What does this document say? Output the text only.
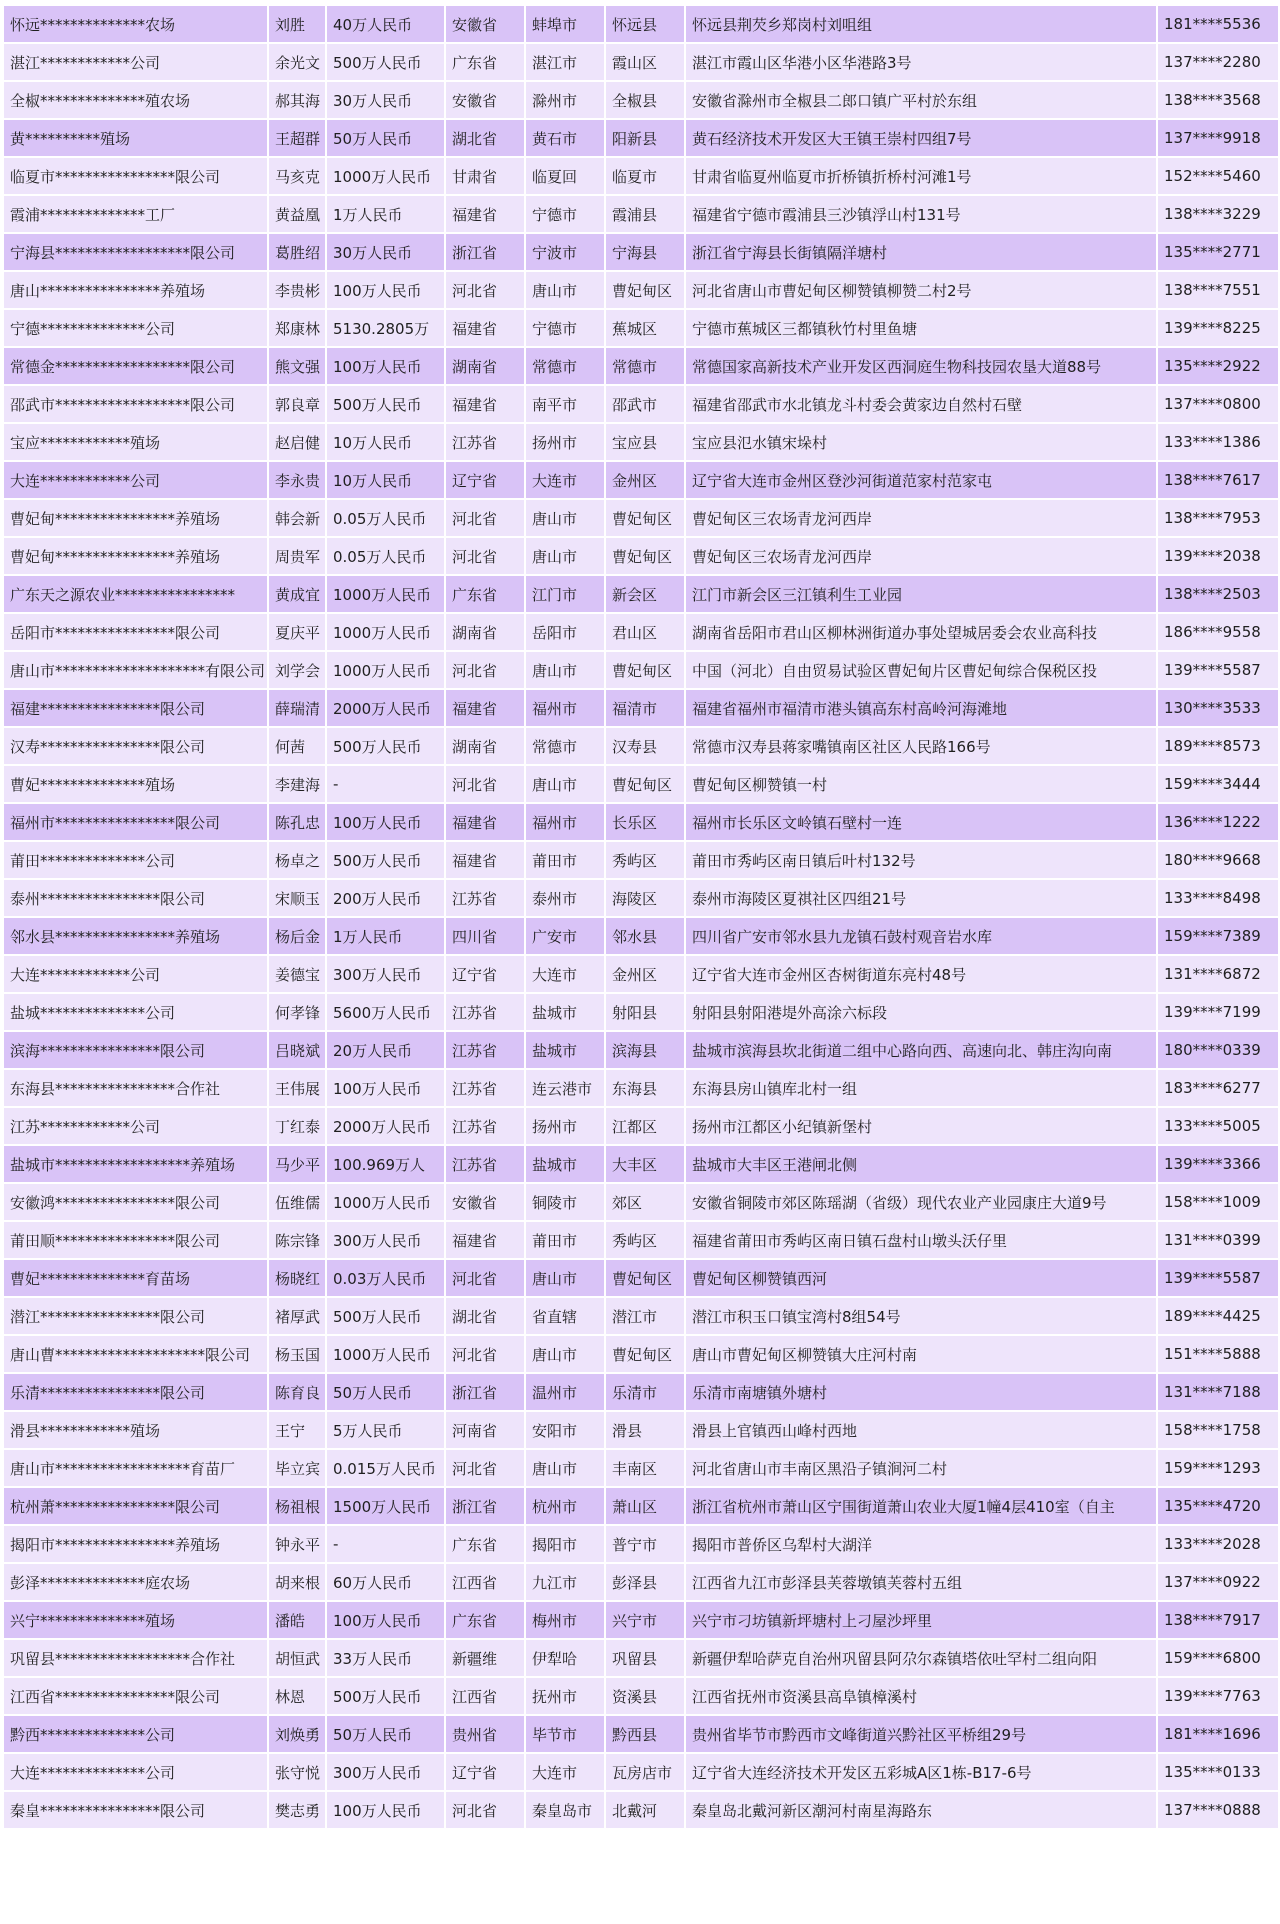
怀远**************农场	刘胜	40万人民币	安徽省	蚌埠市	怀远县	怀远县荆芡乡郑岗村刘咀组	181****5536
湛江************公司	余光文	500万人民币	广东省	湛江市	霞山区	湛江市霞山区华港小区华港路3号	137****2280
全椒**************殖农场	郝其海	30万人民币	安徽省	滁州市	全椒县	安徽省滁州市全椒县二郎口镇广平村於东组	138****3568
黄**********殖场	王超群	50万人民币	湖北省	黄石市	阳新县	黄石经济技术开发区大王镇王崇村四组7号	137****9918
临夏市****************限公司	马亥克	1000万人民币	甘肃省	临夏回	临夏市	甘肃省临夏州临夏市折桥镇折桥村河滩1号	152****5460
霞浦**************工厂	黄益凰	1万人民币	福建省	宁德市	霞浦县	福建省宁德市霞浦县三沙镇浮山村131号	138****3229
宁海县******************限公司	葛胜绍	30万人民币	浙江省	宁波市	宁海县	浙江省宁海县长街镇隔洋塘村	135****2771
唐山****************养殖场	李贵彬	100万人民币	河北省	唐山市	曹妃甸区	河北省唐山市曹妃甸区柳赞镇柳赞二村2号	138****7551
宁德**************公司	郑康林	5130.2805万	福建省	宁德市	蕉城区	宁德市蕉城区三都镇秋竹村里鱼塘	139****8225
常德金******************限公司	熊文强	100万人民币	湖南省	常德市	常德市	常德国家高新技术产业开发区西洞庭生物科技园农垦大道88号	135****2922
邵武市******************限公司	郭良章	500万人民币	福建省	南平市	邵武市	福建省邵武市水北镇龙斗村委会黄家边自然村石壁	137****0800
宝应************殖场	赵启健	10万人民币	江苏省	扬州市	宝应县	宝应县氾水镇宋垛村	133****1386
大连************公司	李永贵	10万人民币	辽宁省	大连市	金州区	辽宁省大连市金州区登沙河街道范家村范家屯	138****7617
曹妃甸****************养殖场	韩会新	0.05万人民币	河北省	唐山市	曹妃甸区	曹妃甸区三农场青龙河西岸	138****7953
曹妃甸****************养殖场	周贵军	0.05万人民币	河北省	唐山市	曹妃甸区	曹妃甸区三农场青龙河西岸	139****2038
广东天之源农业****************	黄成宜	1000万人民币	广东省	江门市	新会区	江门市新会区三江镇利生工业园	138****2503
岳阳市****************限公司	夏庆平	1000万人民币	湖南省	岳阳市	君山区	湖南省岳阳市君山区柳林洲街道办事处望城居委会农业高科技	186****9558
唐山市********************有限公司	刘学会	1000万人民币	河北省	唐山市	曹妃甸区	中国（河北）自由贸易试验区曹妃甸片区曹妃甸综合保税区投	139****5587
福建****************限公司	薛瑞清	2000万人民币	福建省	福州市	福清市	福建省福州市福清市港头镇高东村高岭河海滩地	130****3533
汉寿****************限公司	何茜	500万人民币	湖南省	常德市	汉寿县	常德市汉寿县蒋家嘴镇南区社区人民路166号	189****8573
曹妃**************殖场	李建海	-	河北省	唐山市	曹妃甸区	曹妃甸区柳赞镇一村	159****3444
福州市****************限公司	陈孔忠	100万人民币	福建省	福州市	长乐区	福州市长乐区文岭镇石壁村一连	136****1222
莆田**************公司	杨卓之	500万人民币	福建省	莆田市	秀屿区	莆田市秀屿区南日镇后叶村132号	180****9668
泰州****************限公司	宋顺玉	200万人民币	江苏省	泰州市	海陵区	泰州市海陵区夏祺社区四组21号	133****8498
邻水县****************养殖场	杨后金	1万人民币	四川省	广安市	邻水县	四川省广安市邻水县九龙镇石鼓村观音岩水库	159****7389
大连************公司	姜德宝	300万人民币	辽宁省	大连市	金州区	辽宁省大连市金州区杏树街道东亮村48号	131****6872
盐城**************公司	何孝锋	5600万人民币	江苏省	盐城市	射阳县	射阳县射阳港堤外高涂六标段	139****7199
滨海****************限公司	吕晓斌	20万人民币	江苏省	盐城市	滨海县	盐城市滨海县坎北街道二组中心路向西、高速向北、韩庄沟向南	180****0339
东海县****************合作社	王伟展	100万人民币	江苏省	连云港市	东海县	东海县房山镇库北村一组	183****6277
江苏************公司	丁红泰	2000万人民币	江苏省	扬州市	江都区	扬州市江都区小纪镇新堡村	133****5005
盐城市******************养殖场	马少平	100.969万人	江苏省	盐城市	大丰区	盐城市大丰区王港闸北侧	139****3366
安徽鸿****************限公司	伍维儒	1000万人民币	安徽省	铜陵市	郊区	安徽省铜陵市郊区陈瑶湖（省级）现代农业产业园康庄大道9号	158****1009
莆田顺****************限公司	陈宗锋	300万人民币	福建省	莆田市	秀屿区	福建省莆田市秀屿区南日镇石盘村山墩头沃仔里	131****0399
曹妃**************育苗场	杨晓红	0.03万人民币	河北省	唐山市	曹妃甸区	曹妃甸区柳赞镇西河	139****5587
潜江****************限公司	褚厚武	500万人民币	湖北省	省直辖	潜江市	潜江市积玉口镇宝湾村8组54号	189****4425
唐山曹********************限公司	杨玉国	1000万人民币	河北省	唐山市	曹妃甸区	唐山市曹妃甸区柳赞镇大庄河村南	151****5888
乐清****************限公司	陈育良	50万人民币	浙江省	温州市	乐清市	乐清市南塘镇外塘村	131****7188
滑县************殖场	王宁	5万人民币	河南省	安阳市	滑县	滑县上官镇西山峰村西地	158****1758
唐山市******************育苗厂	毕立宾	0.015万人民币	河北省	唐山市	丰南区	河北省唐山市丰南区黑沿子镇涧河二村	159****1293
杭州萧****************限公司	杨祖根	1500万人民币	浙江省	杭州市	萧山区	浙江省杭州市萧山区宁围街道萧山农业大厦1幢4层410室（自主	135****4720
揭阳市****************养殖场	钟永平	-	广东省	揭阳市	普宁市	揭阳市普侨区乌犁村大湖洋	133****2028
彭泽**************庭农场	胡来根	60万人民币	江西省	九江市	彭泽县	江西省九江市彭泽县芙蓉墩镇芙蓉村五组	137****0922
兴宁**************殖场	潘皓	100万人民币	广东省	梅州市	兴宁市	兴宁市刁坊镇新坪塘村上刁屋沙坪里	138****7917
巩留县******************合作社	胡恒武	33万人民币	新疆维	伊犁哈	巩留县	新疆伊犁哈萨克自治州巩留县阿尕尔森镇塔依吐罕村二组向阳	159****6800
江西省****************限公司	林恩	500万人民币	江西省	抚州市	资溪县	江西省抚州市资溪县高阜镇樟溪村	139****7763
黔西**************公司	刘焕勇	50万人民币	贵州省	毕节市	黔西县	贵州省毕节市黔西市文峰街道兴黔社区平桥组29号	181****1696
大连**************公司	张守悦	300万人民币	辽宁省	大连市	瓦房店市	辽宁省大连经济技术开发区五彩城A区1栋-B17-6号	135****0133
秦皇****************限公司	樊志勇	100万人民币	河北省	秦皇岛市	北戴河	秦皇岛北戴河新区潮河村南星海路东	137****0888
